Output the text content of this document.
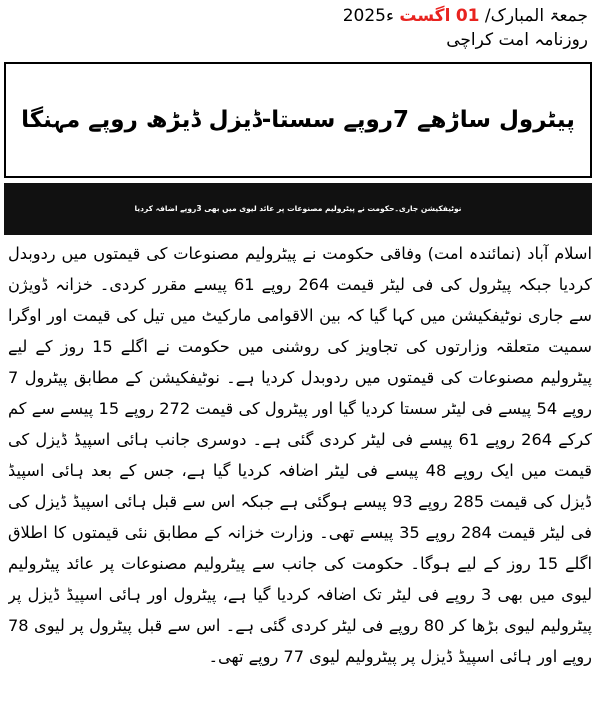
جمعۃ المبارک/ 01 اگست 2025ء
روزنامہ امت کراچی
پیٹرول ساڑھے 7روپے سستا-ڈیزل ڈیڑھ روپے مہنگا
نوٹیفکیشن جاری۔حکومت نے پیٹرولیم مصنوعات پر عائد لیوی میں بھی 3روپے اضافہ کردیا
اسلام آباد (نمائندہ امت) وفاقی حکومت نے پیٹرولیم مصنوعات کی قیمتوں میں ردوبدل کردیا جبکہ پیٹرول کی فی لیٹر قیمت 264 روپے 61 پیسے مقرر کردی۔ خزانہ ڈویژن سے جاری نوٹیفکیشن میں کہا گیا کہ بین الاقوامی مارکیٹ میں تیل کی قیمت اور اوگرا سمیت متعلقہ وزارتوں کی تجاویز کی روشنی میں حکومت نے اگلے 15 روز کے لیے پیٹرولیم مصنوعات کی قیمتوں میں ردوبدل کردیا ہے۔ نوٹیفکیشن کے مطابق پیٹرول 7 روپے 54 پیسے فی لیٹر سستا کردیا گیا اور پیٹرول کی قیمت 272 روپے 15 پیسے سے کم کرکے 264 روپے 61 پیسے فی لیٹر کردی گئی ہے۔ دوسری جانب ہائی اسپیڈ ڈیزل کی قیمت میں ایک روپے 48 پیسے فی لیٹر اضافہ کردیا گیا ہے، جس کے بعد ہائی اسپیڈ ڈیزل کی قیمت 285 روپے 93 پیسے ہوگئی ہے جبکہ اس سے قبل ہائی اسپیڈ ڈیزل کی فی لیٹر قیمت 284 روپے 35 پیسے تھی۔ وزارت خزانہ کے مطابق نئی قیمتوں کا اطلاق اگلے 15 روز کے لیے ہوگا۔ حکومت کی جانب سے پیٹرولیم مصنوعات پر عائد پیٹرولیم لیوی میں بھی 3 روپے فی لیٹر تک اضافہ کردیا گیا ہے، پیٹرول اور ہائی اسپیڈ ڈیزل پر پیٹرولیم لیوی بڑھا کر 80 روپے فی لیٹر کردی گئی ہے۔ اس سے قبل پیٹرول پر لیوی 78 روپے اور ہائی اسپیڈ ڈیزل پر پیٹرولیم لیوی 77 روپے تھی۔
